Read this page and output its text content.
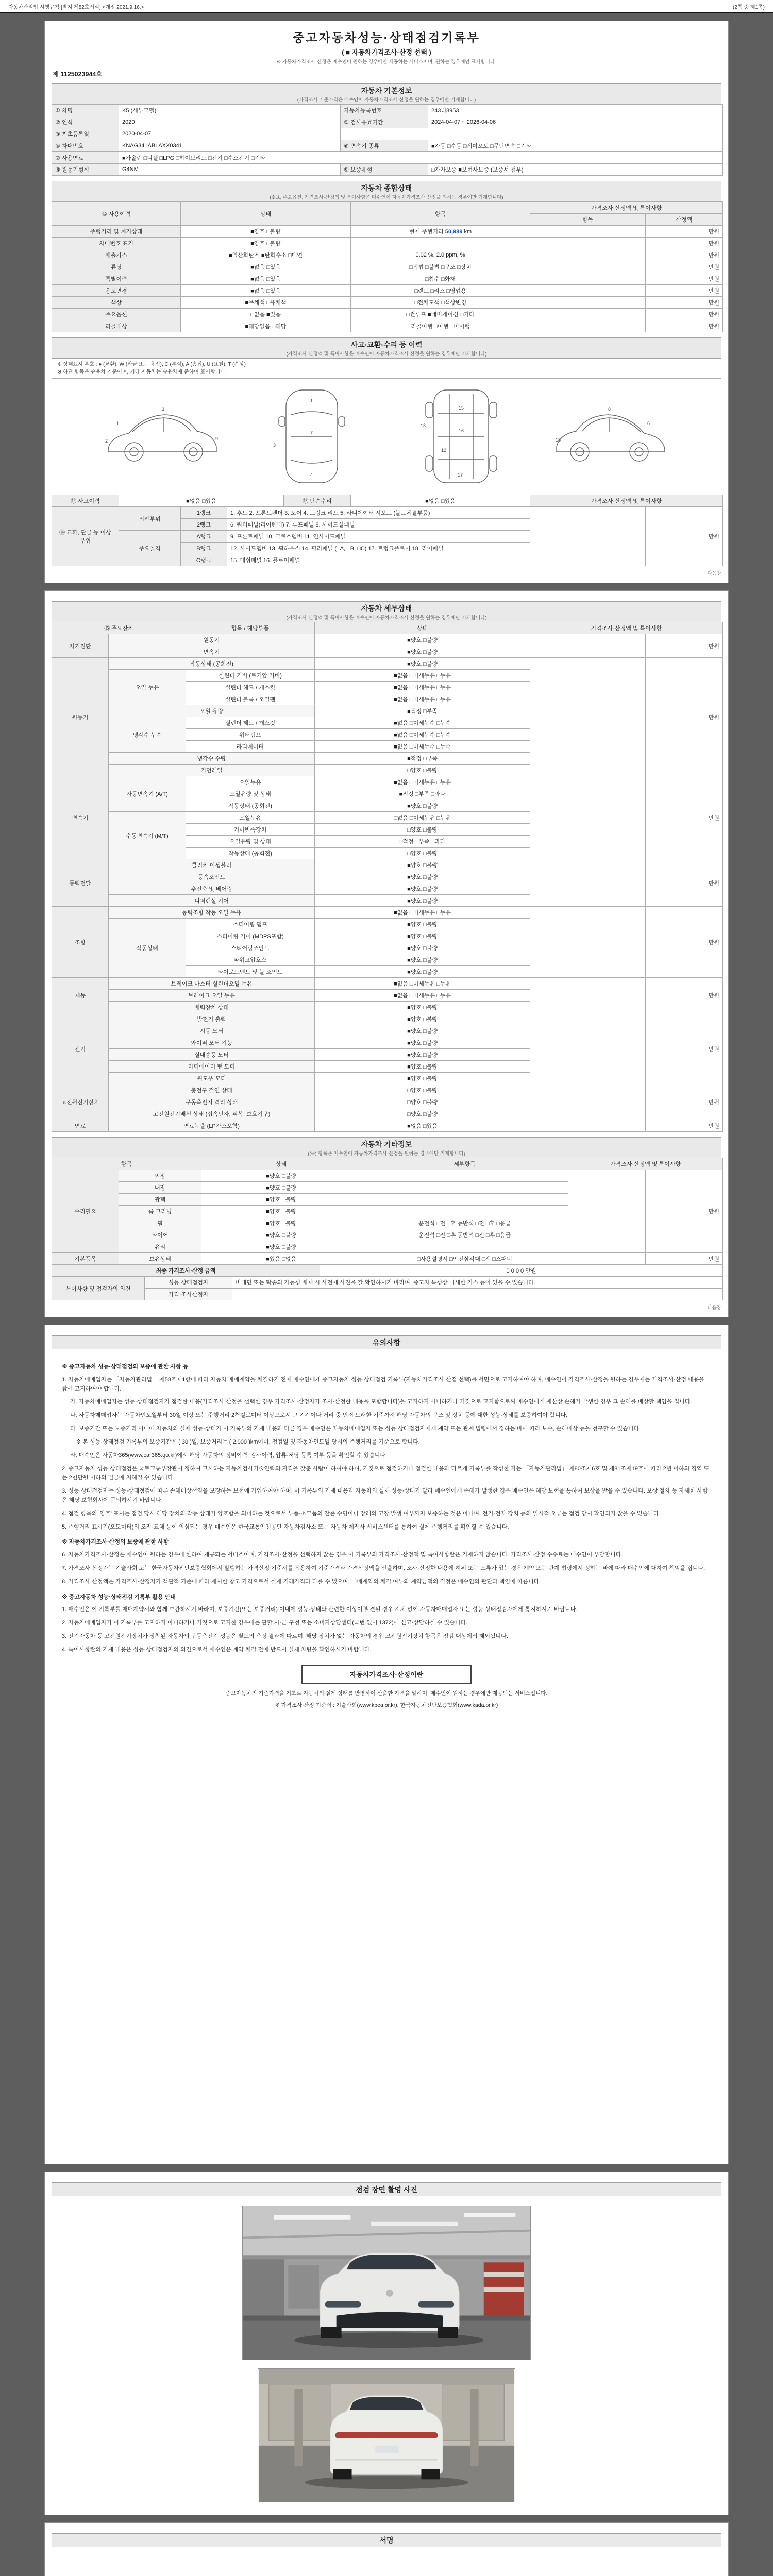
자동차관리법 시행규칙 [별지 제82호서식] <개정 2021.9.16.>	(2쪽 중 제1쪽)
중고자동차성능·상태점검기록부
( ■ 자동차가격조사·산정 선택 )
※ 자동차가격조사·산정은 매수인이 원하는 경우에만 제공하는 서비스이며, 원하는 경우에만 표시합니다.
제 1125023944호
자동차 기본정보
(가격조사 기준가격은 매수인이 자동차가격조사·산정을 원하는 경우에만 기재합니다)
① 차명	K5 (세부모델)	자동차등록번호	243더8953
② 연식	2020	⑤ 검사유효기간	2024-04-07 ~ 2026-04-06
③ 최초등록일	2020-04-07		
④ 차대번호	KNAG341ABLAXX0341	⑥ 변속기 종류	■자동 □수동 □세미오토 □무단변속 □기타
⑦ 사용연료	■가솔린 □디젤 □LPG □하이브리드 □전기 □수소전기 □기타		
⑧ 원동기형식	G4NM	⑨ 보증유형	□자가보증 ■보험사보증 (보증서 첨부)
자동차 종합상태
(※표, 주요옵션, 가격조사·산정액 및 특이사항은 매수인이 자동차가격조사·산정을 원하는 경우에만 기재합니다)
⑩ 사용이력	상태	항목	가격조사·산정액 및 특이사항	
			항목	산정액
주행거리 및 계기상태	■양호 □불량	현재 주행거리 50,989 km		만원
차대번호 표기	■양호 □불량			만원
배출가스	■일산화탄소 ■탄화수소 □매연	0.02 %, 2.0 ppm, %		만원
튜닝	■없음 □있음	□적법 □불법 □구조 □장치		만원
특별이력	■없음 □있음	□침수 □화재		만원
용도변경	■없음 □있음	□렌트 □리스 □영업용		만원
색상	■무채색 □유채색	□전체도색 □색상변경		만원
주요옵션	□없음 ■있음	□썬루프 ■네비게이션 □기타		만원
리콜대상	■해당없음 □해당	리콜이행 □이행 □미이행		만원
사고·교환·수리 등 이력
(가격조사·산정액 및 특이사항은 매수인이 자동차가격조사·산정을 원하는 경우에만 기재합니다)
※ 상태표시 부호 : ● (교환), W (판금 또는 용접), C (부식), A (흠집), U (요철), T (손상)
※ 하단 항목은 승용차 기준이며, 기타 자동차는 승용차에 준하여 표시합니다.
1
2
3
9
1
7
4
3
15
16
12
13
17
6
8
18
⑫ 사고이력	■없음 □있음	⑬ 단순수리	■없음 □있음	가격조사·산정액 및 특이사항
⑭ 교환, 판금 등 이상 부위	외판부위	1랭크	1. 후드 2. 프론트펜더 3. 도어 4. 트렁크 리드 5. 라디에이터 서포트 (볼트체결부품)		만원
		2랭크	6. 쿼터패널(리어펜더) 7. 루프패널 8. 사이드실패널		
	주요골격	A랭크	9. 프론트패널 10. 크로스멤버 11. 인사이드패널		
		B랭크	12. 사이드멤버 13. 휠하우스 14. 필러패널 (□A, □B, □C) 17. 트렁크플로어 18. 리어패널		
		C랭크	15. 대쉬패널 16. 플로어패널		
다음장
자동차 세부상태
(가격조사·산정액 및 특이사항은 매수인이 자동차가격조사·산정을 원하는 경우에만 기재합니다)
⑮ 주요장치		항목 / 해당부품	상태	가격조사·산정액 및 특이사항	
자기진단	원동기		■양호 □불량		만원
	변속기		■양호 □불량		
원동기	작동상태 (공회전)		■양호 □불량		만원
	오일 누유	실린더 커버 (로커암 커버)	■없음 □미세누유 □누유		
		실린더 헤드 / 개스킷	■없음 □미세누유 □누유		
		실린더 블록 / 오일팬	■없음 □미세누유 □누유		
	오일 유량		■적정 □부족		
	냉각수 누수	실린더 헤드 / 개스킷	■없음 □미세누수 □누수		
		워터펌프	■없음 □미세누수 □누수		
		라디에이터	■없음 □미세누수 □누수		
	냉각수 수량		■적정 □부족		
	커먼레일		□양호 □불량		
변속기	자동변속기 (A/T)	오일누유	■없음 □미세누유 □누유		만원
		오일유량 및 상태	■적정 □부족 □과다		
		작동상태 (공회전)	■양호 □불량		
	수동변속기 (M/T)	오일누유	□없음 □미세누유 □누유		
		기어변속장치	□양호 □불량		
		오일유량 및 상태	□적정 □부족 □과다		
		작동상태 (공회전)	□양호 □불량		
동력전달	클러치 어셈블리		■양호 □불량		만원
	등속조인트		■양호 □불량		
	추진축 및 베어링		■양호 □불량		
	디퍼렌셜 기어		■양호 □불량		
조향	동력조향 작동 오일 누유		■없음 □미세누유 □누유		만원
	작동상태	스티어링 펌프	■양호 □불량		
		스티어링 기어 (MDPS포함)	■양호 □불량		
		스티어링조인트	■양호 □불량		
		파워고압호스	■양호 □불량		
		타이로드엔드 및 볼 조인트	■양호 □불량		
제동	브레이크 마스터 실린더오일 누유		■없음 □미세누유 □누유		만원
	브레이크 오일 누유		■없음 □미세누유 □누유		
	배력장치 상태		■양호 □불량		
전기	발전기 출력		■양호 □불량		만원
	시동 모터		■양호 □불량		
	와이퍼 모터 기능		■양호 □불량		
	실내송풍 모터		■양호 □불량		
	라디에이터 팬 모터		■양호 □불량		
	윈도우 모터		■양호 □불량		
고전원전기장치	충전구 절연 상태		□양호 □불량		만원
	구동축전지 격리 상태		□양호 □불량		
	고전원전기배선 상태 (접속단자, 피복, 보호기구)		□양호 □불량		
연료	연료누출 (LP가스포함)		■없음 □있음		만원
자동차 기타정보
((※) 항목은 매수인이 자동차가격조사·산정을 원하는 경우에만 기재합니다)
항목		상태	세부항목	가격조사·산정액 및 특이사항	
수리필요	외장	■양호 □불량			만원
	내장	■양호 □불량			
	광택	■양호 □불량			
	룸 크리닝	■양호 □불량			
	휠	■양호 □불량	운전석 □전 □후 동반석 □전 □후 □응급		
	타이어	■양호 □불량	운전석 □전 □후 동반석 □전 □후 □응급		
	유리	■양호 □불량			
기본품목	보유상태	■있음 □없음	□사용설명서 □안전삼각대 □잭 □스패너		만원
최종 가격조사·산정 금액	0 0 0 0 만원
특이사항 및 점검자의 의견	성능·상태점검자	비대면 또는 탁송의 가능성 배제 시 사전에 사진을 잘 확인하시기 바라며, 중고차 특성상 미세한 기스 등이 있을 수 있습니다.
	가격·조사산정자	
다음장
유의사항
※ 중고자동차 성능·상태점검의 보증에 관한 사항 등
1. 자동차매매업자는 「자동차관리법」 제58조제1항에 따라 자동차 매매계약을 체결하기 전에 매수인에게 중고자동차 성능·상태점검 기록부(자동차가격조사·산정 선택)를 서면으로 고지하여야 하며, 매수인이 가격조사·산정을 원하는 경우에는 가격조사·산정 내용을 함께 고지하여야 합니다.
가. 자동차매매업자는 성능·상태점검자가 점검한 내용(가격조사·산정을 선택한 경우 가격조사·산정자가 조사·산정한 내용을 포함합니다)을 고지하지 아니하거나 거짓으로 고지함으로써 매수인에게 재산상 손해가 발생한 경우 그 손해를 배상할 책임을 집니다.
나. 자동차매매업자는 자동차인도일부터 30일 이상 또는 주행거리 2천킬로미터 이상으로서 그 기간이나 거리 중 먼저 도래한 기준까지 해당 자동차의 구조 및 장치 등에 대한 성능·상태를 보증하여야 합니다.
다. 보증기간 또는 보증거리 이내에 자동차의 실제 성능·상태가 이 기록부의 기재 내용과 다른 경우 매수인은 자동차매매업자 또는 성능·상태점검자에게 계약 또는 관계 법령에서 정하는 바에 따라 보수, 손해배상 등을 청구할 수 있습니다.
※ 본 성능·상태점검 기록부의 보증기간은 ( 30 )일, 보증거리는 ( 2,000 )km이며, 점검일 및 자동차인도일 당시의 주행거리를 기준으로 합니다.
라. 매수인은 자동차365(www.car365.go.kr)에서 해당 자동차의 정비이력, 검사이력, 압류·저당 등록 여부 등을 확인할 수 있습니다.
2. 중고자동차 성능·상태점검은 국토교통부장관이 정하여 고시하는 자동차검사기술인력의 자격을 갖춘 사람이 하여야 하며, 거짓으로 점검하거나 점검한 내용과 다르게 기록부를 작성한 자는 「자동차관리법」 제80조제6호 및 제81조제19호에 따라 2년 이하의 징역 또는 2천만원 이하의 벌금에 처해질 수 있습니다.
3. 성능·상태점검자는 성능·상태점검에 따른 손해배상책임을 보장하는 보험에 가입하여야 하며, 이 기록부의 기재 내용과 자동차의 실제 성능·상태가 달라 매수인에게 손해가 발생한 경우 매수인은 해당 보험을 통하여 보상을 받을 수 있습니다. 보상 절차 등 자세한 사항은 해당 보험회사에 문의하시기 바랍니다.
4. 점검 항목의 '양호' 표시는 점검 당시 해당 장치의 작동 상태가 양호함을 의미하는 것으로서 부품·소모품의 잔존 수명이나 장래의 고장 발생 여부까지 보증하는 것은 아니며, 전기·전자 장치 등의 일시적 오류는 점검 당시 확인되지 않을 수 있습니다.
5. 주행거리 표시기(오도미터)의 조작·교체 등이 의심되는 경우 매수인은 한국교통안전공단 자동차검사소 또는 자동차 제작사 서비스센터를 통하여 실제 주행거리를 확인할 수 있습니다.
※ 자동차가격조사·산정의 보증에 관한 사항
6. 자동차가격조사·산정은 매수인이 원하는 경우에 한하여 제공되는 서비스이며, 가격조사·산정을 선택하지 않은 경우 이 기록부의 가격조사·산정액 및 특이사항란은 기재하지 않습니다. 가격조사·산정 수수료는 매수인이 부담합니다.
7. 가격조사·산정자는 기술사회 또는 한국자동차진단보증협회에서 발행하는 가격산정 기준서를 적용하여 기준가격과 가격산정액을 산출하며, 조사·산정한 내용에 허위 또는 오류가 있는 경우 계약 또는 관계 법령에서 정하는 바에 따라 매수인에 대하여 책임을 집니다.
8. 가격조사·산정액은 가격조사·산정자가 객관적 기준에 따라 제시한 참고 가격으로서 실제 거래가격과 다를 수 있으며, 매매계약의 체결 여부와 계약금액의 결정은 매수인의 판단과 책임에 따릅니다.
※ 중고자동차 성능·상태점검 기록부 활용 안내
1. 매수인은 이 기록부를 매매계약서와 함께 보관하시기 바라며, 보증기간(또는 보증거리) 이내에 성능·상태와 관련한 이상이 발견된 경우 지체 없이 자동차매매업자 또는 성능·상태점검자에게 통지하시기 바랍니다.
2. 자동차매매업자가 이 기록부를 고지하지 아니하거나 거짓으로 고지한 경우에는 관할 시·군·구청 또는 소비자상담센터(국번 없이 1372)에 신고·상담하실 수 있습니다.
3. 전기자동차 등 고전원전기장치가 장착된 자동차의 구동축전지 성능은 별도의 측정 결과에 따르며, 해당 장치가 없는 자동차의 경우 고전원전기장치 항목은 점검 대상에서 제외됩니다.
4. 특이사항란의 기재 내용은 성능·상태점검자의 의견으로서 매수인은 계약 체결 전에 반드시 실제 차량을 확인하시기 바랍니다.
자동차가격조사·산정이란
중고자동차의 기준가격을 기초로 자동차의 실제 상태를 반영하여 산출한 가격을 말하며, 매수인이 원하는 경우에만 제공되는 서비스입니다.
※ 가격조사·산정 기준서 : 기술사회(www.kpea.or.kr), 한국자동차진단보증협회(www.kada.or.kr)
점검 장면 촬영 사진
서명
